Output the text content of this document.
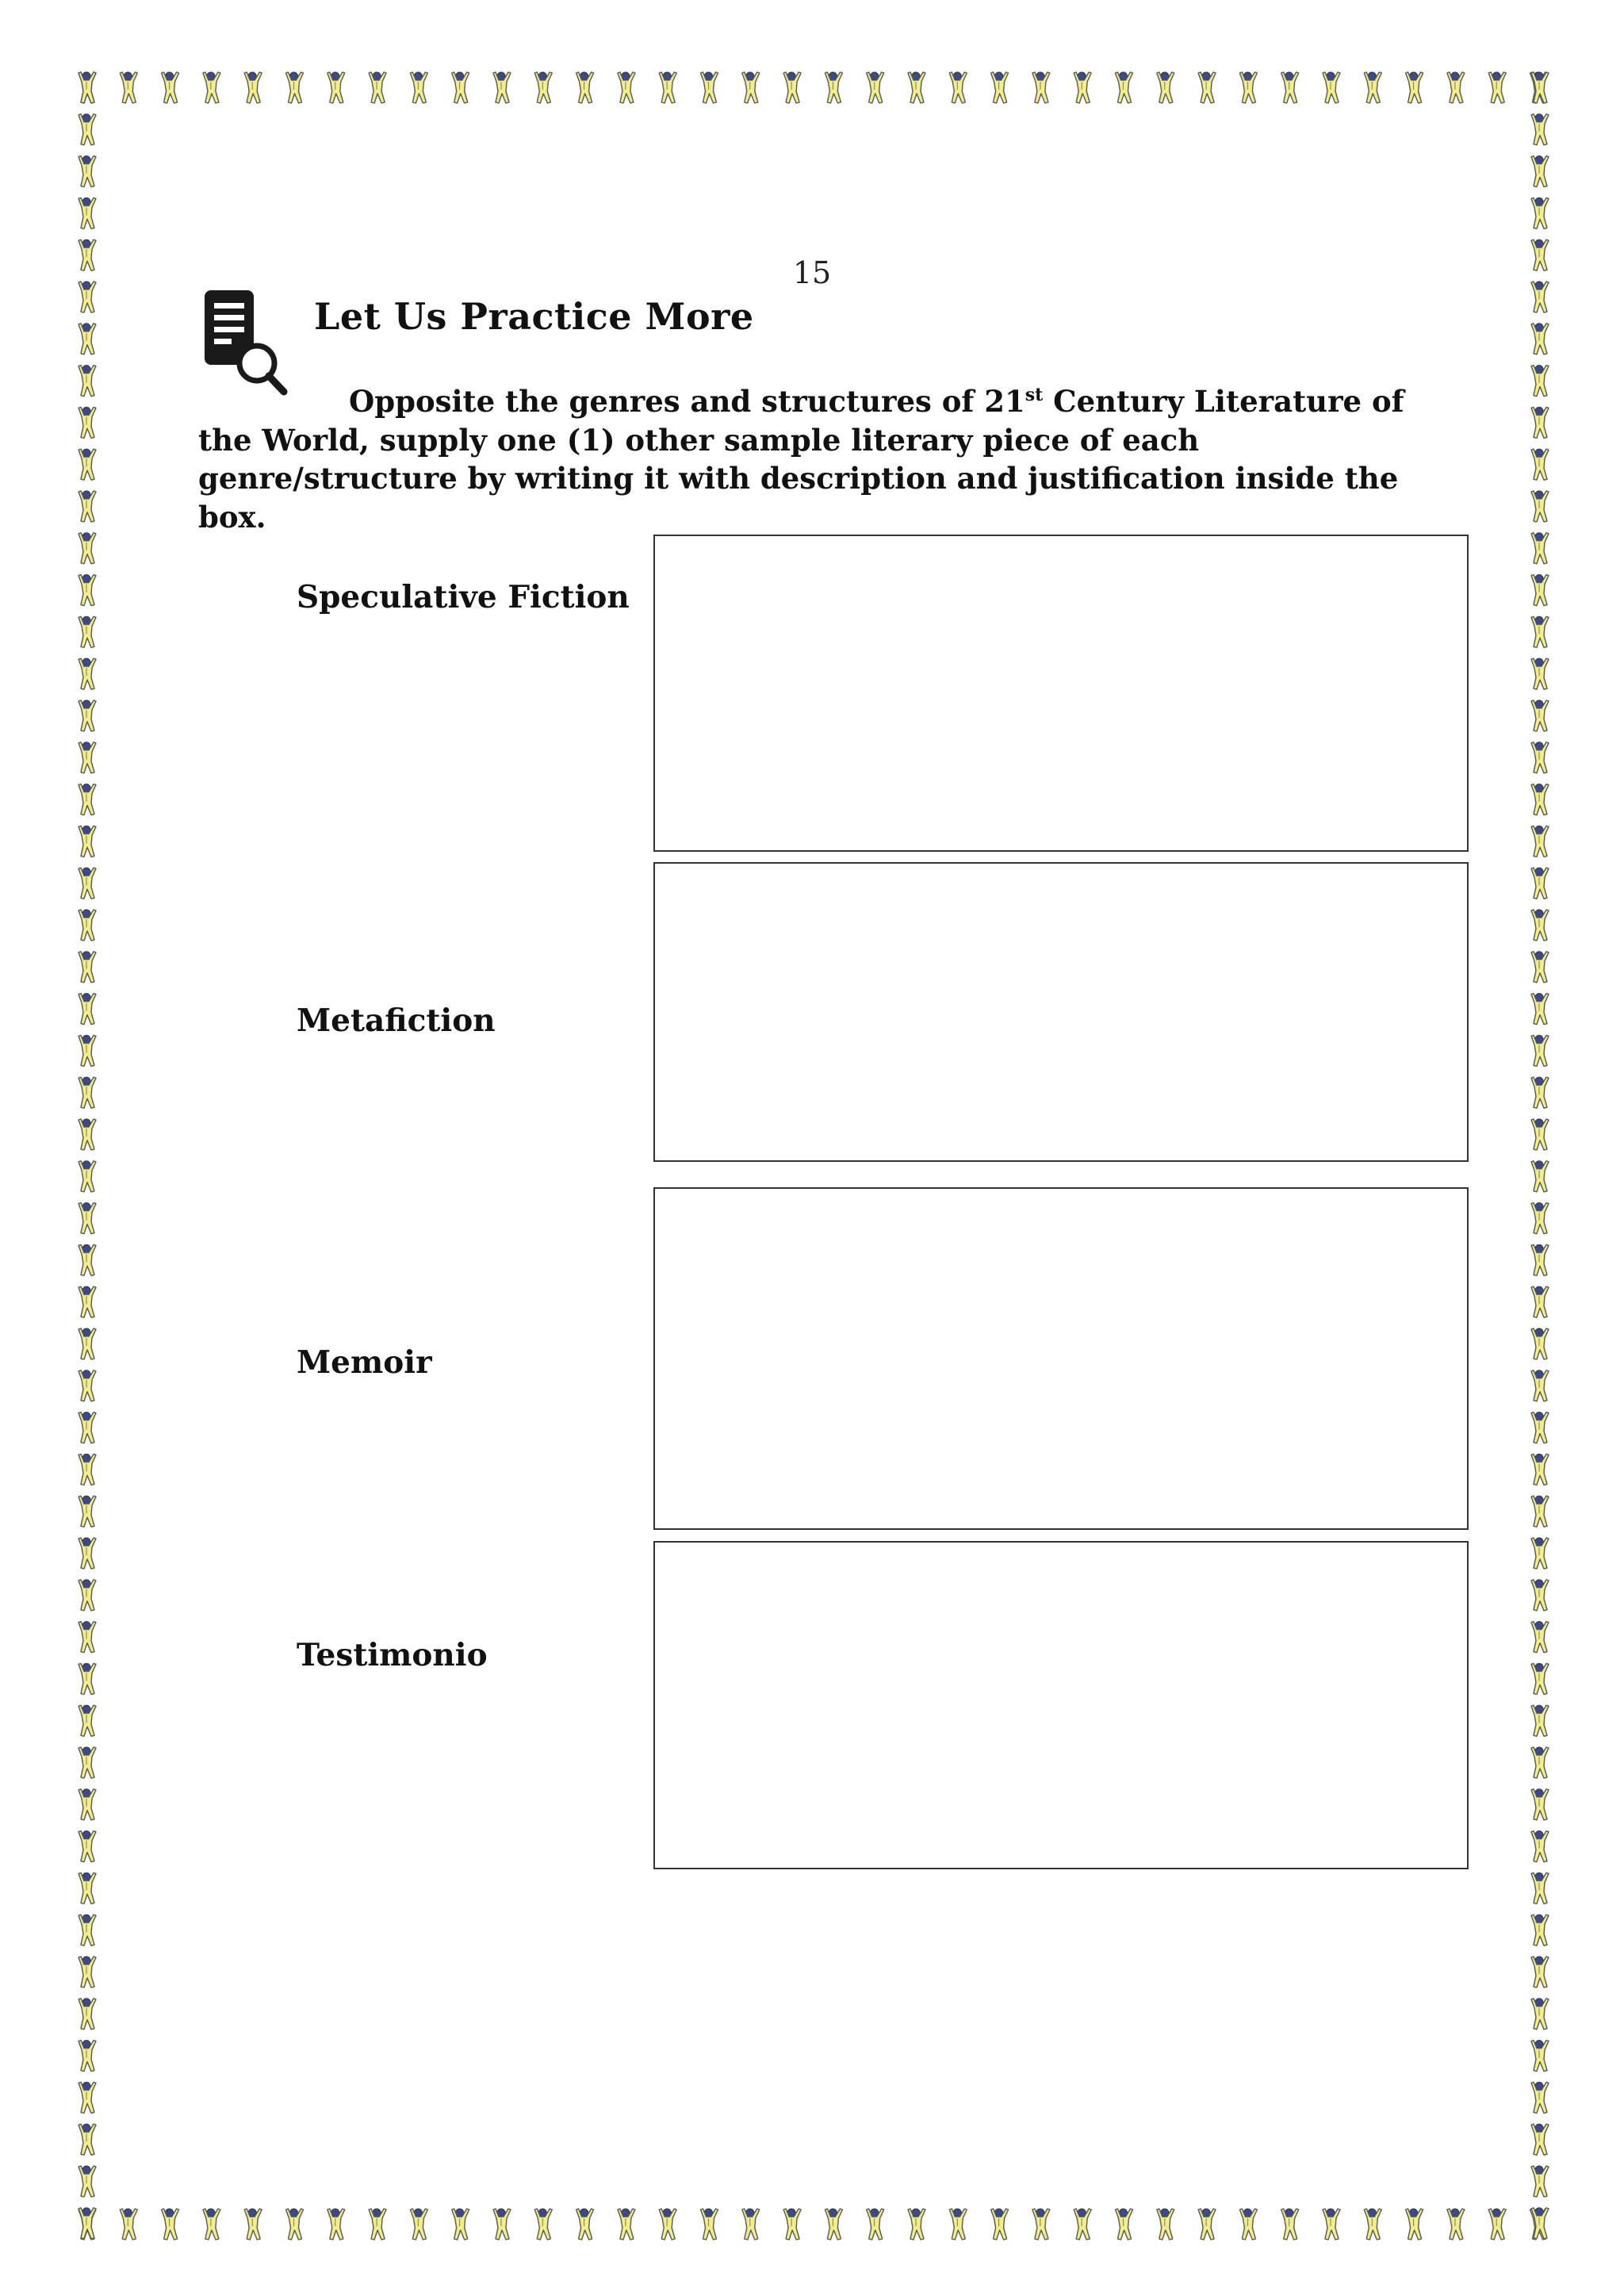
15
Let Us Practice More
Opposite the genres and structures of 21st Century Literature of
the World, supply one (1) other sample literary piece of each
genre/structure by writing it with description and justification inside the
box.
Speculative Fiction
Metafiction
Memoir
Testimonio
